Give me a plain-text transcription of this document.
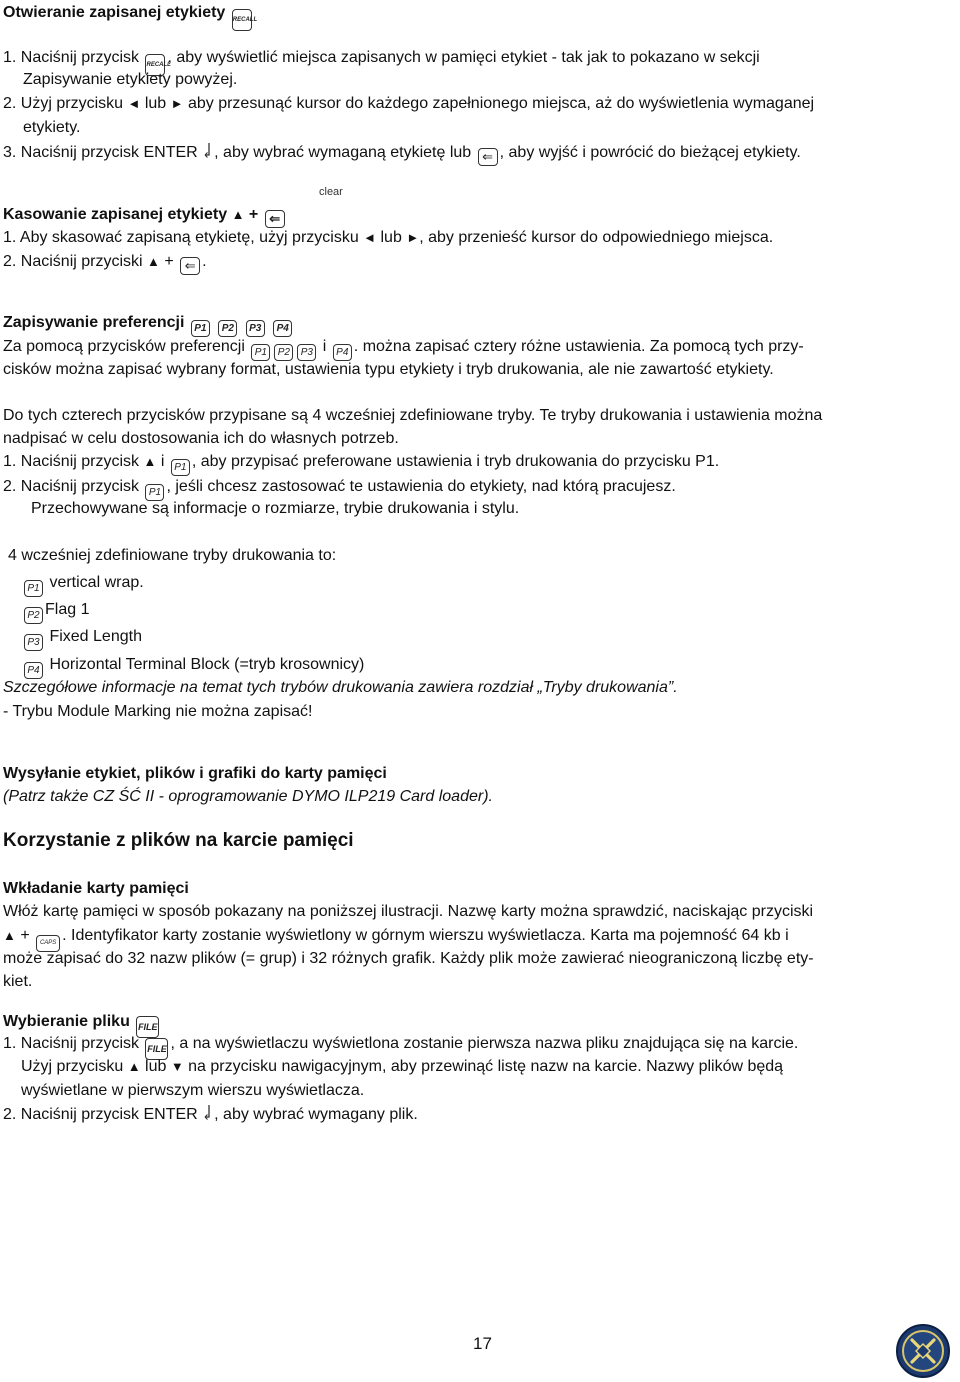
Otwieranie zapisanej etykiety RECALL
1. Naciśnij przycisk RECALL, aby wyświetlić miejsca zapisanych w pamięci etykiet - tak jak to pokazano w sekcji
Zapisywanie etykiety powyżej.
2. Użyj przycisku ◄ lub ► aby przesunąć kursor do każdego zapełnionego miejsca, aż do wyświetlenia wymaganej
etykiety.
3. Naciśnij przycisk ENTER , aby wybrać wymaganą etykietę lub ⇐ , aby wyjść i powrócić do bieżącej etykiety.
clear
Kasowanie zapisanej etykiety ▲ + ⇐
1. Aby skasować zapisaną etykietę, użyj przycisku ◄ lub ►, aby przenieść kursor do odpowiedniego miejsca.
2. Naciśnij przyciski ▲ + ⇐ .
Zapisywanie preferencji P1 P2 P3 P4
Za pomocą przycisków preferencji P1 P2 P3 i P4 . można zapisać cztery różne ustawienia. Za pomocą tych przy-
cisków można zapisać wybrany format, ustawienia typu etykiety i tryb drukowania, ale nie zawartość etykiety.
Do tych czterech przycisków przypisane są 4 wcześniej zdefiniowane tryby. Te tryby drukowania i ustawienia można
nadpisać w celu dostosowania ich do własnych potrzeb.
1. Naciśnij przycisk ▲ i P1 , aby przypisać preferowane ustawienia i tryb drukowania do przycisku P1.
2. Naciśnij przycisk P1 , jeśli chcesz zastosować te ustawienia do etykiety, nad którą pracujesz.
Przechowywane są informacje o rozmiarze, trybie drukowania i stylu.
4 wcześniej zdefiniowane tryby drukowania to:
P1 vertical wrap.
P2 Flag 1
P3 Fixed Length
P4 Horizontal Terminal Block (=tryb krosownicy)
Szczegółowe informacje na temat tych trybów drukowania zawiera rozdział „Tryby drukowania”.
- Trybu Module Marking nie można zapisać!
Wysyłanie etykiet, plików i grafiki do karty pamięci
(Patrz także CZ ŚĆ II - oprogramowanie DYMO ILP219 Card loader).
Korzystanie z plików na karcie pamięci
Wkładanie karty pamięci
Włóż kartę pamięci w sposób pokazany na poniższej ilustracji. Nazwę karty można sprawdzić, naciskając przyciski
▲ + CAPS . Identyfikator karty zostanie wyświetlony w górnym wierszu wyświetlacza. Karta ma pojemność 64 kb i
może zapisać do 32 nazw plików (= grup) i 32 różnych grafik. Każdy plik może zawierać nieograniczoną liczbę ety-
kiet.
Wybieranie pliku FILE
1. Naciśnij przycisk FILE , a na wyświetlaczu wyświetlona zostanie pierwsza nazwa pliku znajdująca się na karcie.
Użyj przycisku ▲ lub ▼ na przycisku nawigacyjnym, aby przewinąć listę nazw na karcie. Nazwy plików będą
wyświetlane w pierwszym wierszu wyświetlacza.
2. Naciśnij przycisk ENTER , aby wybrać wymagany plik.
17
